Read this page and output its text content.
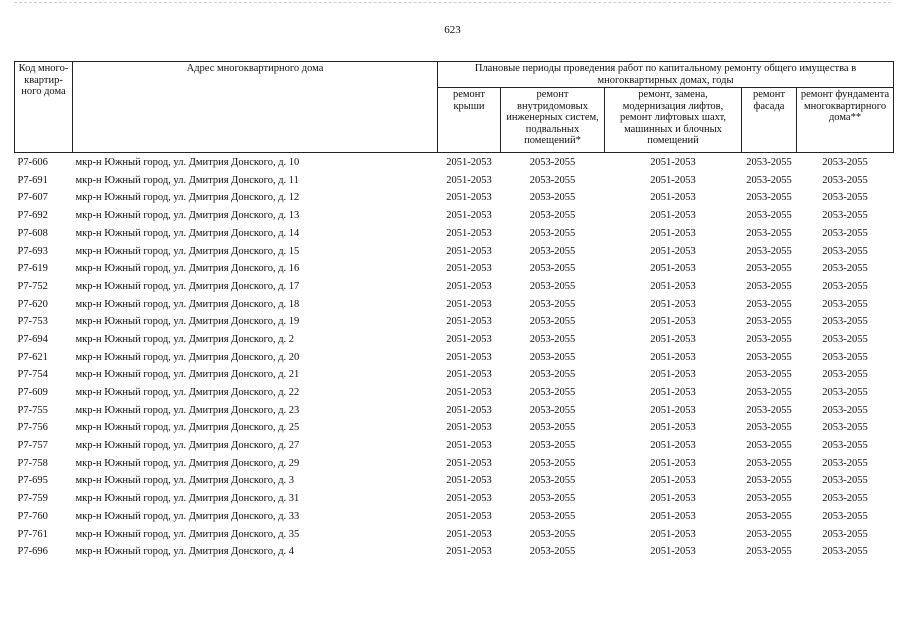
623
Код много-квартир-ного дома	Адрес многоквартирного дома	Плановые периоды проведения работ по капитальному ремонту общего имущества в многоквартирных домах, годы				
		ремонт крыши	ремонт внутридомовых инженерных систем, подвальных помещений*	ремонт, замена, модернизация лифтов, ремонт лифтовых шахт, машинных и блочных помещений	ремонт фасада	ремонт фундамента многоквартирного дома**
Р7-606	мкр-н Южный город, ул. Дмитрия Донского, д. 10	2051-2053	2053-2055	2051-2053	2053-2055	2053-2055
Р7-691	мкр-н Южный город, ул. Дмитрия Донского, д. 11	2051-2053	2053-2055	2051-2053	2053-2055	2053-2055
Р7-607	мкр-н Южный город, ул. Дмитрия Донского, д. 12	2051-2053	2053-2055	2051-2053	2053-2055	2053-2055
Р7-692	мкр-н Южный город, ул. Дмитрия Донского, д. 13	2051-2053	2053-2055	2051-2053	2053-2055	2053-2055
Р7-608	мкр-н Южный город, ул. Дмитрия Донского, д. 14	2051-2053	2053-2055	2051-2053	2053-2055	2053-2055
Р7-693	мкр-н Южный город, ул. Дмитрия Донского, д. 15	2051-2053	2053-2055	2051-2053	2053-2055	2053-2055
Р7-619	мкр-н Южный город, ул. Дмитрия Донского, д. 16	2051-2053	2053-2055	2051-2053	2053-2055	2053-2055
Р7-752	мкр-н Южный город, ул. Дмитрия Донского, д. 17	2051-2053	2053-2055	2051-2053	2053-2055	2053-2055
Р7-620	мкр-н Южный город, ул. Дмитрия Донского, д. 18	2051-2053	2053-2055	2051-2053	2053-2055	2053-2055
Р7-753	мкр-н Южный город, ул. Дмитрия Донского, д. 19	2051-2053	2053-2055	2051-2053	2053-2055	2053-2055
Р7-694	мкр-н Южный город, ул. Дмитрия Донского, д. 2	2051-2053	2053-2055	2051-2053	2053-2055	2053-2055
Р7-621	мкр-н Южный город, ул. Дмитрия Донского, д. 20	2051-2053	2053-2055	2051-2053	2053-2055	2053-2055
Р7-754	мкр-н Южный город, ул. Дмитрия Донского, д. 21	2051-2053	2053-2055	2051-2053	2053-2055	2053-2055
Р7-609	мкр-н Южный город, ул. Дмитрия Донского, д. 22	2051-2053	2053-2055	2051-2053	2053-2055	2053-2055
Р7-755	мкр-н Южный город, ул. Дмитрия Донского, д. 23	2051-2053	2053-2055	2051-2053	2053-2055	2053-2055
Р7-756	мкр-н Южный город, ул. Дмитрия Донского, д. 25	2051-2053	2053-2055	2051-2053	2053-2055	2053-2055
Р7-757	мкр-н Южный город, ул. Дмитрия Донского, д. 27	2051-2053	2053-2055	2051-2053	2053-2055	2053-2055
Р7-758	мкр-н Южный город, ул. Дмитрия Донского, д. 29	2051-2053	2053-2055	2051-2053	2053-2055	2053-2055
Р7-695	мкр-н Южный город, ул. Дмитрия Донского, д. 3	2051-2053	2053-2055	2051-2053	2053-2055	2053-2055
Р7-759	мкр-н Южный город, ул. Дмитрия Донского, д. 31	2051-2053	2053-2055	2051-2053	2053-2055	2053-2055
Р7-760	мкр-н Южный город, ул. Дмитрия Донского, д. 33	2051-2053	2053-2055	2051-2053	2053-2055	2053-2055
Р7-761	мкр-н Южный город, ул. Дмитрия Донского, д. 35	2051-2053	2053-2055	2051-2053	2053-2055	2053-2055
Р7-696	мкр-н Южный город, ул. Дмитрия Донского, д. 4	2051-2053	2053-2055	2051-2053	2053-2055	2053-2055
